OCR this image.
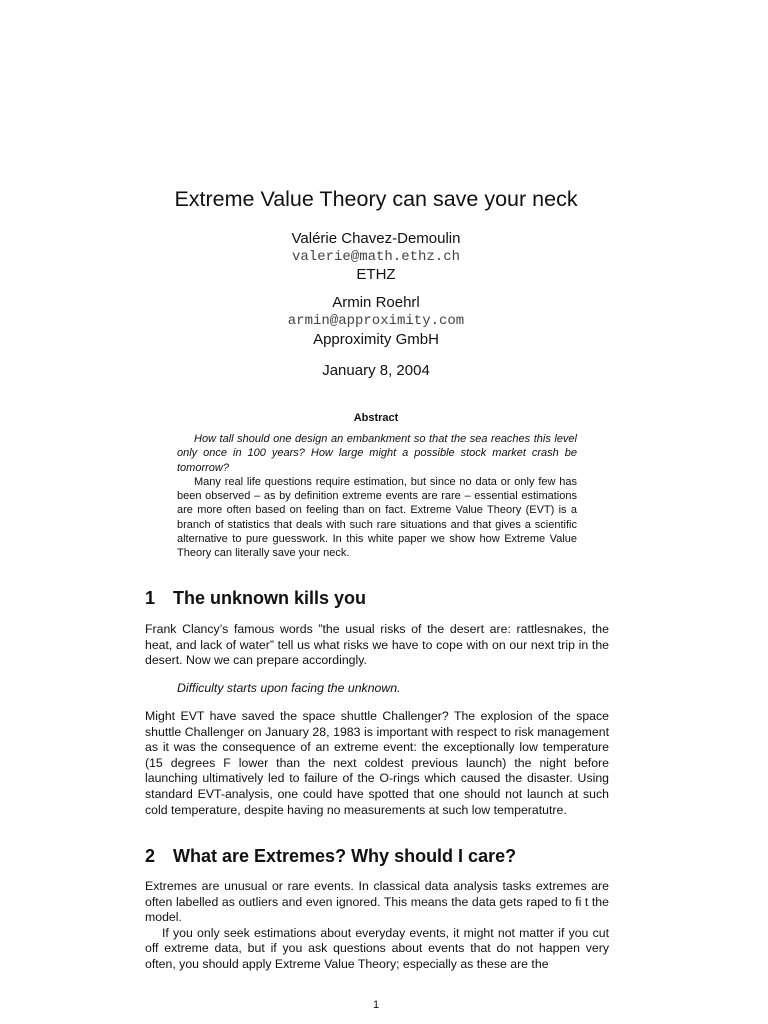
Extreme Value Theory can save your neck
Valérie Chavez-Demoulin
valerie@math.ethz.ch
ETHZ
Armin Roehrl
armin@approximity.com
Approximity GmbH
January 8, 2004
Abstract

How tall should one design an embankment so that the sea reaches this level only once in 100 years? How large might a possible stock market crash be tomorrow?

Many real life questions require estimation, but since no data or only few has been observed – as by definition extreme events are rare – essential estimations are more often based on feeling than on fact. Extreme Value Theory (EVT) is a branch of statistics that deals with such rare situations and that gives a scientific alternative to pure guesswork. In this white paper we show how Extreme Value Theory can literally save your neck.

1 The unknown kills you

Frank Clancy’s famous words ”the usual risks of the desert are: rattlesnakes, the heat, and lack of water” tell us what risks we have to cope with on our next trip in the desert. Now we can prepare accordingly.

Difficulty starts upon facing the unknown.

Might EVT have saved the space shuttle Challenger? The explosion of the space shuttle Challenger on January 28, 1983 is important with respect to risk management as it was the consequence of an extreme event: the exceptionally low temperature (15 degrees F lower than the next coldest previous launch) the night before launching ultimatively led to failure of the O-rings which caused the disaster. Using standard EVT-analysis, one could have spotted that one should not launch at such cold temperature, despite having no measurements at such low temperatutre.

2 What are Extremes? Why should I care?

Extremes are unusual or rare events. In classical data analysis tasks extremes are often labelled as outliers and even ignored. This means the data gets raped to fi t the model.

If you only seek estimations about everyday events, it might not matter if you cut off extreme data, but if you ask questions about events that do not happen very often, you should apply Extreme Value Theory; especially as these are the

1
